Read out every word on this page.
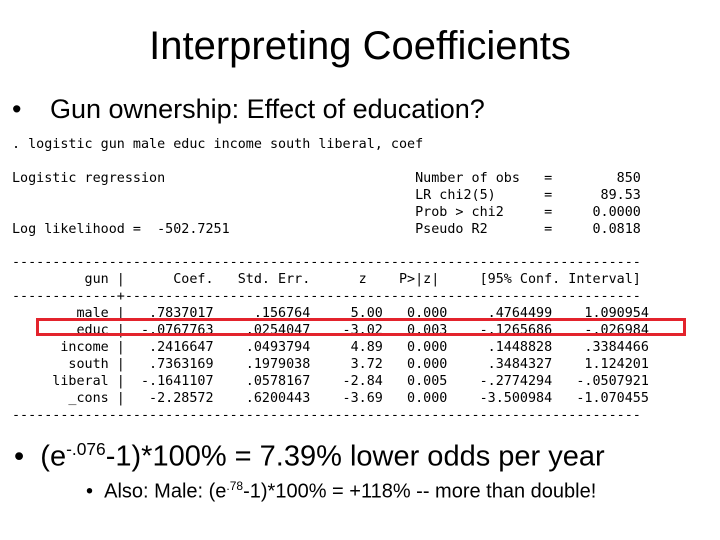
Interpreting Coefficients
• Gun ownership: Effect of education?
. logistic gun male educ income south liberal, coef
Logistic regression                               Number of obs   =        850
LR chi2(5)      =      89.53
Prob > chi2     =     0.0000
Log likelihood =  -502.7251                       Pseudo R2       =     0.0818
------------------------------------------------------------------------------
gun |      Coef.   Std. Err.      z    P>|z|     [95% Conf. Interval]
-------------+----------------------------------------------------------------
male |   .7837017     .156764     5.00   0.000     .4764499    1.090954
educ |  -.0767763    .0254047    -3.02   0.003    -.1265686    -.026984
income |   .2416647    .0493794     4.89   0.000     .1448828    .3384466
south |   .7363169    .1979038     3.72   0.000     .3484327    1.124201
liberal |  -.1641107    .0578167    -2.84   0.005    -.2774294   -.0507921
_cons |   -2.28572    .6200443    -3.69   0.000    -3.500984   -1.070455
------------------------------------------------------------------------------
• $(e^{-.076}-1)*100\% = 7.39\%$ lower odds per year
• Also: Male: $(e^{.78}-1)*100\% = +118\%$ -- more than double!
